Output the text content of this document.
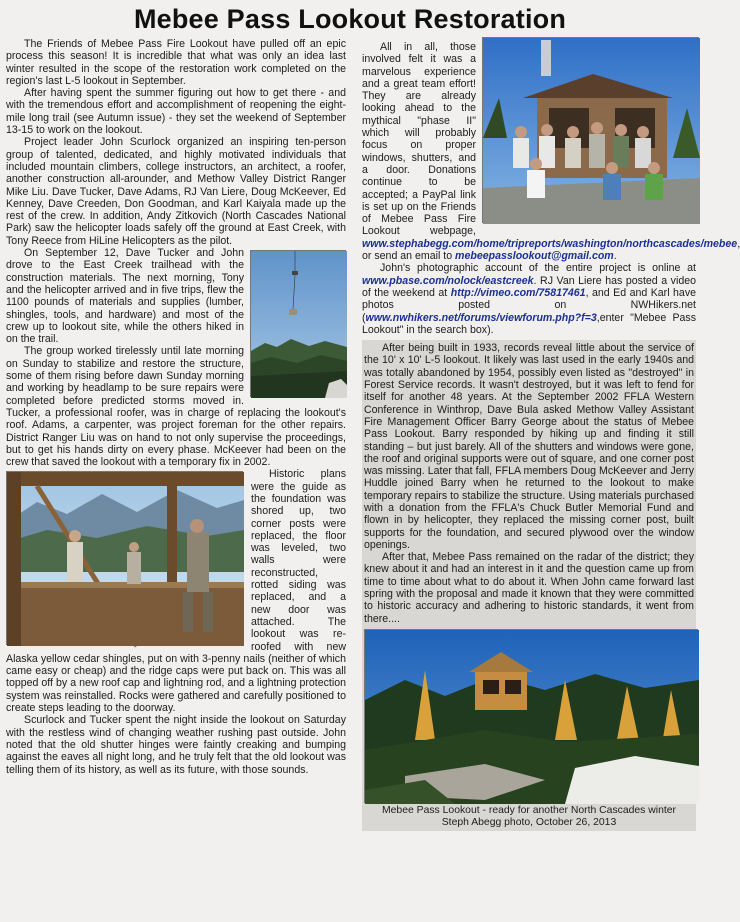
Mebee Pass Lookout Restoration

The Friends of Mebee Pass Fire Lookout have pulled off an epic process this season! It is incredible that what was only an idea last winter resulted in the scope of the restoration work completed on the region's last L-5 lookout in September.

After having spent the summer figuring out how to get there - and with the tremendous effort and accomplishment of reopening the eight-mile long trail (see Autumn issue) - they set the weekend of September 13-15 to work on the lookout.

Project leader John Scurlock organized an inspiring ten-person group of talented, dedicated, and highly motivated individuals that included mountain climbers, college instructors, an architect, a roofer, another construction all-arounder, and Methow Valley District Ranger Mike Liu. Dave Tucker, Dave Adams, RJ Van Liere, Doug McKeever, Ed Kenney, Dave Creeden, Don Goodman, and Karl Kaiyala made up the rest of the crew. In addition, Andy Zitkovich (North Cascades National Park) saw the helicopter loads safely off the ground at East Creek, with Tony Reece from HiLine Helicopters as the pilot.

On September 12, Dave Tucker and John drove to the East Creek trailhead with the construction materials. The next morning, Tony and the helicopter arrived and in five trips, flew the 1100 pounds of materials and supplies (lumber, shingles, tools, and hardware) and most of the crew up to lookout site, while the others hiked in on the trail.

The group worked tirelessly until late morning on Sunday to stabilize and restore the structure, some of them rising before dawn Sunday morning and working by headlamp to be sure repairs were completed before predicted storms moved in. Tucker, a professional roofer, was in charge of replacing the lookout's roof. Adams, a carpenter, was project foreman for the other repairs. District Ranger Liu was on hand to not only supervise the proceedings, but to get his hands dirty on every phase. McKeever had been on the crew that saved the lookout with a temporary fix in 2002.

Historic plans were the guide as the foundation was shored up, two corner posts were replaced, the floor was leveled, two walls were reconstructed, rotted siding was replaced, and a new door was attached. The lookout was re-roofed with new Alaska yellow cedar shingles, put on with 3-penny nails (neither of which came easy or cheap) and the ridge caps were put back on. This was all topped off by a new roof cap and lightning rod, and a lightning protection system was reinstalled. Rocks were gathered and carefully positioned to create steps leading to the doorway.

Scurlock and Tucker spent the night inside the lookout on Saturday with the restless wind of changing weather rushing past outside. John noted that the old shutter hinges were faintly creaking and bumping against the eaves all night long, and he truly felt that the old lookout was telling them of its history, as well as its future, with those sounds.

All in all, those involved felt it was a marvelous experience and a great team effort! They are already looking ahead to the mythical "phase II" which will probably focus on proper windows, shutters, and a door. Donations continue to be accepted; a PayPal link is set up on the Friends of Mebee Pass Fire Lookout webpage, www.stephabegg.com/home/tripreports/washington/northcascades/mebee, or send an email to mebeepasslookout@gmail.com.

John's photographic account of the entire project is online at www.pbase.com/nolock/eastcreek. RJ Van Liere has posted a video of the weekend at http://vimeo.com/75817461, and Ed and Karl have photos posted on NWHikers.net (www.nwhikers.net/forums/viewforum.php?f=3,enter "Mebee Pass Lookout" in the search box).

After being built in 1933, records reveal little about the service of the 10' x 10' L-5 lookout. It likely was last used in the early 1940s and was totally abandoned by 1954, possibly even listed as "destroyed" in Forest Service records. It wasn't destroyed, but it was left to fend for itself for another 48 years. At the September 2002 FFLA Western Conference in Winthrop, Dave Bula asked Methow Valley Assistant Fire Management Officer Barry George about the status of Mebee Pass Lookout. Barry responded by hiking up and finding it still standing – but just barely. All of the shutters and windows were gone, the roof and original supports were out of square, and one corner post was missing. Later that fall, FFLA members Doug McKeever and Jerry Huddle joined Barry when he returned to the lookout to make temporary repairs to stabilize the structure. Using materials purchased with a donation from the FFLA's Chuck Butler Memorial Fund and flown in by helicopter, they replaced the missing corner post, built supports for the foundation, and secured plywood over the window openings.

After that, Mebee Pass remained on the radar of the district; they knew about it and had an interest in it and the question came up from time to time about what to do about it. When John came forward last spring with the proposal and made it known that they were committed to historic accuracy and adhering to historic standards, it went from there....

Mebee Pass Lookout - ready for another North Cascades winter
Steph Abegg photo, October 26, 2013
